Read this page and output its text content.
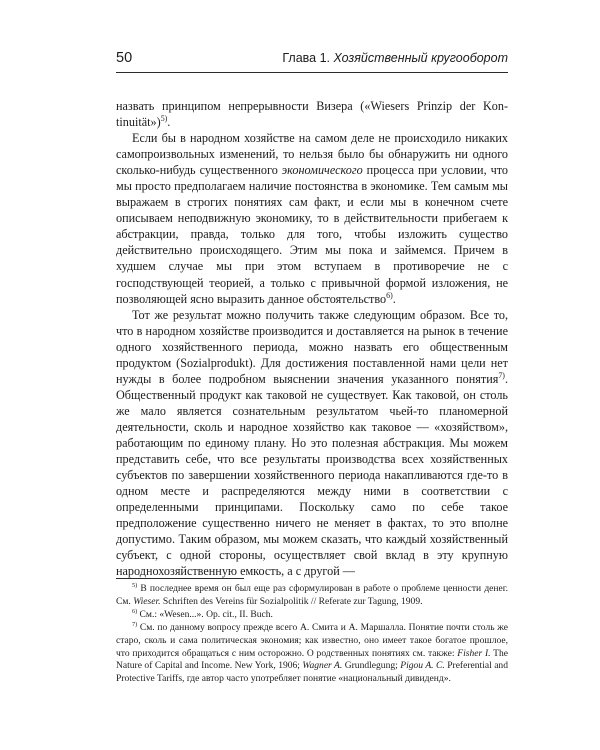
50	Глава 1. Хозяйственный кругооборот

назвать принципом непрерывности Визера («Wiesers Prinzip der Kontinuität»)$^{5)}$.

Если бы в народном хозяйстве на самом деле не происходило никаких самопроизвольных изменений, то нельзя было бы обнаружить ни одного сколько-нибудь существенного экономического процесса при условии, что мы просто предполагаем наличие постоянства в экономике. Тем самым мы выражаем в строгих понятиях сам факт, и если мы в конечном счете описываем неподвижную экономику, то в действительности прибегаем к абстракции, правда, только для того, чтобы изложить существо действительно происходящего. Этим мы пока и займемся. Причем в худшем случае мы при этом вступаем в противоречие не с господствующей теорией, а только с привычной формой изложения, не позволяющей ясно выразить данное обстоятельство$^{6)}$.

Тот же результат можно получить также следующим образом. Все то, что в народном хозяйстве производится и доставляется на рынок в течение одного хозяйственного периода, можно назвать его общественным продуктом (Sozialprodukt). Для достижения поставленной нами цели нет нужды в более подробном выяснении значения указанного понятия$^{7)}$. Общественный продукт как таковой не существует. Как таковой, он столь же мало является сознательным результатом чьей-то планомерной деятельности, сколь и народное хозяйство как таковое — «хозяйством», работающим по единому плану. Но это полезная абстракция. Мы можем представить себе, что все результаты производства всех хозяйственных субъектов по завершении хозяйственного периода накапливаются где-то в одном месте и распределяются между ними в соответствии с определенными принципами. Поскольку само по себе такое предположение существенно ничего не меняет в фактах, то это вполне допустимо. Таким образом, мы можем сказать, что каждый хозяйственный субъект, с одной стороны, осуществляет свой вклад в эту крупную народнохозяйственную емкость, а с другой —

$^{5)}$ В последнее время он был еще раз сформулирован в работе о проблеме ценности денег. См. Wieser. Schriften des Vereins für Sozialpolitik // Referate zur Tagung, 1909.

$^{6)}$ См.: «Wesen...». Op. cit., II. Buch.

$^{7)}$ См. по данному вопросу прежде всего А. Смита и А. Маршалла. Понятие почти столь же старо, сколь и сама политическая экономия; как известно, оно имеет такое богатое прошлое, что приходится обращаться с ним осторожно. О родственных понятиях см. также: Fisher I. The Nature of Capital and Income. New York, 1906; Wagner A. Grundlegung; Pigou A. C. Preferential and Protective Tariffs, где автор часто употребляет понятие «национальный дивиденд».
